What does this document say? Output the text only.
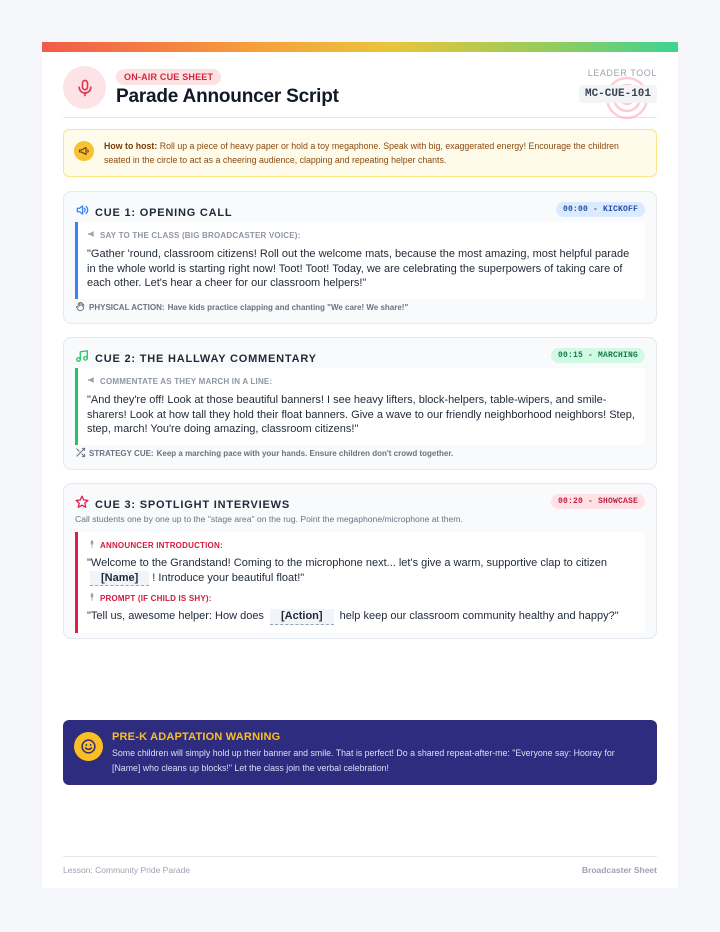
ON-AIR CUE SHEET
Parade Announcer Script
LEADER TOOL
MC-CUE-101

How to host: Roll up a piece of heavy paper or hold a toy megaphone. Speak with big, exaggerated energy! Encourage the children seated in the circle to act as a cheering audience, clapping and repeating helper chants.

CUE 1: OPENING CALL	00:00 - KICKOFF
SAY TO THE CLASS (BIG BROADCASTER VOICE):

"Gather 'round, classroom citizens! Roll out the welcome mats, because the most amazing, most helpful parade in the whole world is starting right now! Toot! Toot! Today, we are celebrating the superpowers of taking care of each other. Let's hear a cheer for our classroom helpers!"

PHYSICAL ACTION: Have kids practice clapping and chanting "We care! We share!"
CUE 2: THE HALLWAY COMMENTARY	00:15 - MARCHING
COMMENTATE AS THEY MARCH IN A LINE:

"And they're off! Look at those beautiful banners! I see heavy lifters, block-helpers, table-wipers, and smile-sharers! Look at how tall they hold their float banners. Give a wave to our friendly neighborhood neighbors! Step, step, march! You're doing amazing, classroom citizens!"

STRATEGY CUE: Keep a marching pace with your hands. Ensure children don't crowd together.
CUE 3: SPOTLIGHT INTERVIEWS	00:20 - SHOWCASE

Call students one by one up to the "stage area" on the rug. Point the megaphone/microphone at them.

ANNOUNCER INTRODUCTION:

"Welcome to the Grandstand! Coming to the microphone next... let's give a warm, supportive clap to citizen
[Name] ! Introduce your beautiful float!"

PROMPT (IF CHILD IS SHY):

"Tell us, awesome helper: How does [Action] help keep our classroom community healthy and happy?"

PRE-K ADAPTATION WARNING

Some children will simply hold up their banner and smile. That is perfect! Do a shared repeat-after-me: "Everyone say: Hooray for [Name] who cleans up blocks!" Let the class join the verbal celebration!

Lesson: Community Pride Parade	Broadcaster Sheet
